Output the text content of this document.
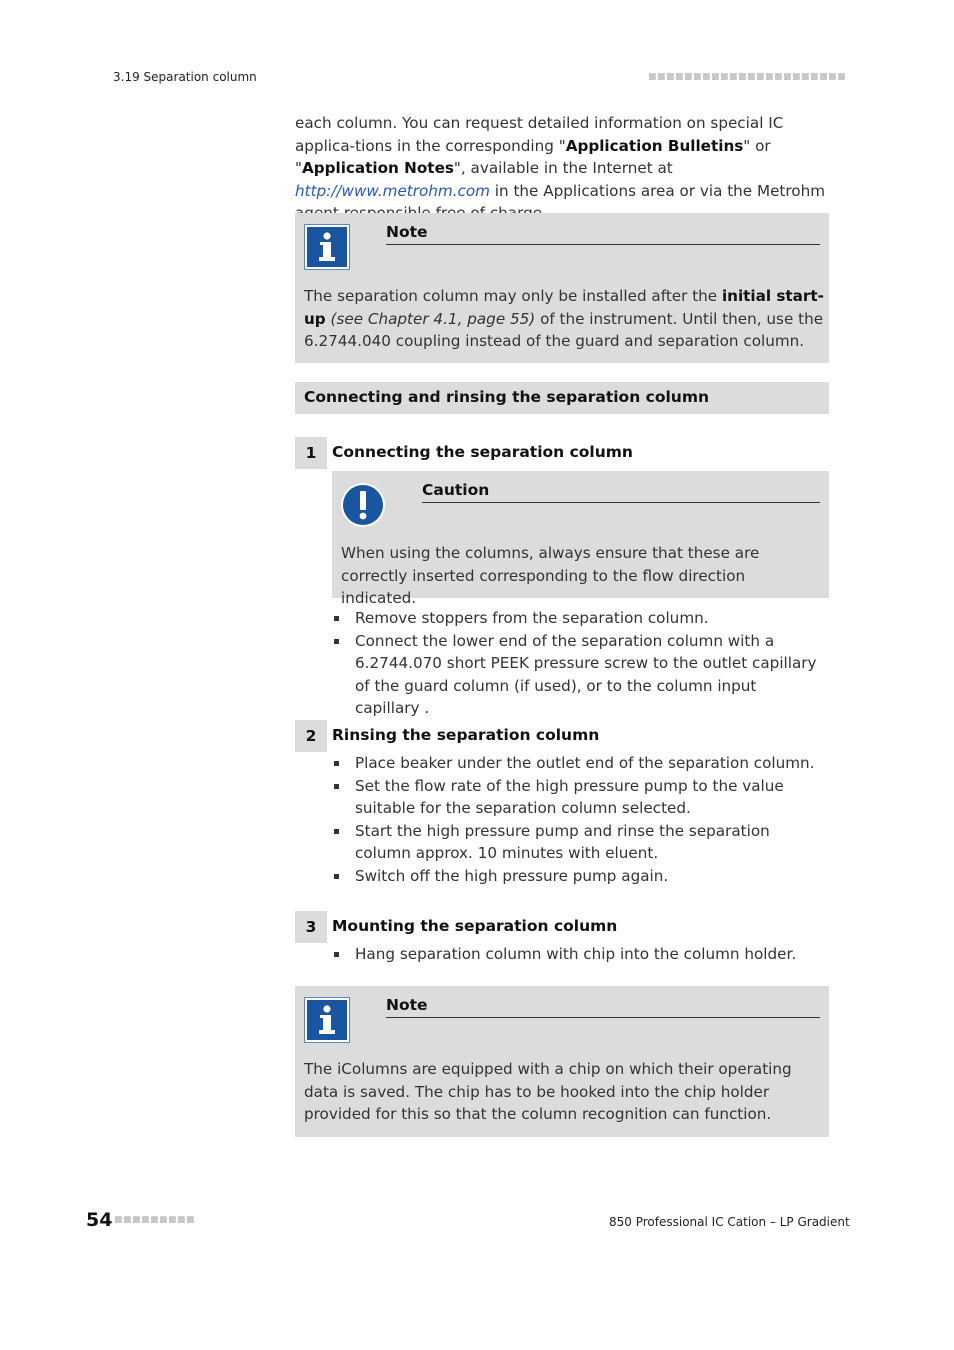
3.19 Separation column	■■■■■■■■■■■■■■■■■■■■■■
each column. You can request detailed information on special IC applica-tions in the corresponding "Application Bulletins" or "Application Notes", available in the Internet at http://www.metrohm.com in the Applications area or via the Metrohm
Note
The separation column may only be installed after the initial start-up (see Chapter 4.1, page 55) of the instrument. Until then, use the 6.2744.040 coupling instead of the guard and separation column.
Connecting and rinsing the separation column
1	Connecting the separation column
Caution
When using the columns, always ensure that these are correctly inserted corresponding to the flow direction indicated.
Remove stoppers from the separation column.
Connect the lower end of the separation column with a 6.2744.070 short PEEK pressure screw to the outlet capillary of the guard column (if used), or to the column input capillary .
2	Rinsing the separation column
Place beaker under the outlet end of the separation column.
Set the flow rate of the high pressure pump to the value suitable for the separation column selected.
Start the high pressure pump and rinse the separation column approx. 10 minutes with eluent.
Switch off the high pressure pump again.
3	Mounting the separation column
Hang separation column with chip into the column holder.
Note
The iColumns are equipped with a chip on which their operating data is saved. The chip has to be hooked into the chip holder provided for this so that the column recognition can function.
54 ■■■■■■■■■	850 Professional IC Cation – LP Gradient
